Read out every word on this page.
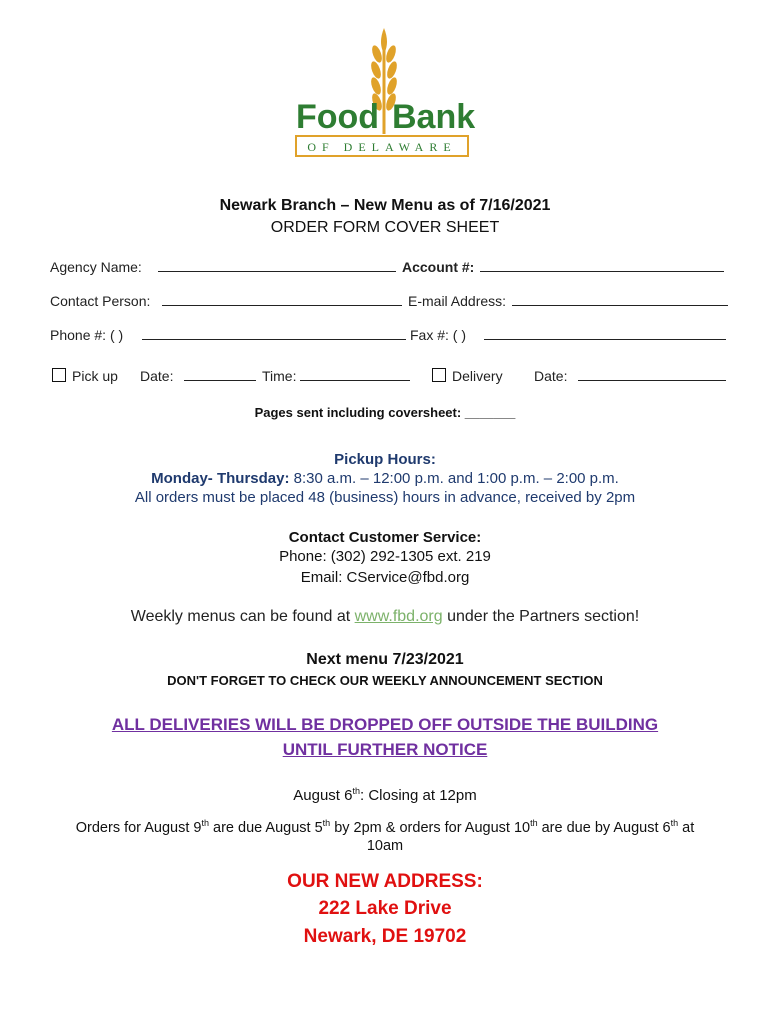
Food Bank
OF DELAWARE
Newark Branch – New Menu as of 7/16/2021
ORDER FORM COVER SHEET
Agency Name:	Account #:
Contact Person:	E-mail Address:
Phone #: ( )	Fax #: ( )
Pick up Date:	Time:	Delivery Date:
Pages sent including coversheet: _______
Pickup Hours:
Monday- Thursday: 8:30 a.m. – 12:00 p.m. and 1:00 p.m. – 2:00 p.m.
All orders must be placed 48 (business) hours in advance, received by 2pm
Contact Customer Service:
Phone: (302) 292-1305 ext. 219
Email: CService@fbd.org
Weekly menus can be found at www.fbd.org under the Partners section!
Next menu 7/23/2021
DON'T FORGET TO CHECK OUR WEEKLY ANNOUNCEMENT SECTION
ALL DELIVERIES WILL BE DROPPED OFF OUTSIDE THE BUILDING
UNTIL FURTHER NOTICE
August 6th: Closing at 12pm
Orders for August 9th are due August 5th by 2pm & orders for August 10th are due by August 6th at
10am
OUR NEW ADDRESS:
222 Lake Drive
Newark, DE 19702
